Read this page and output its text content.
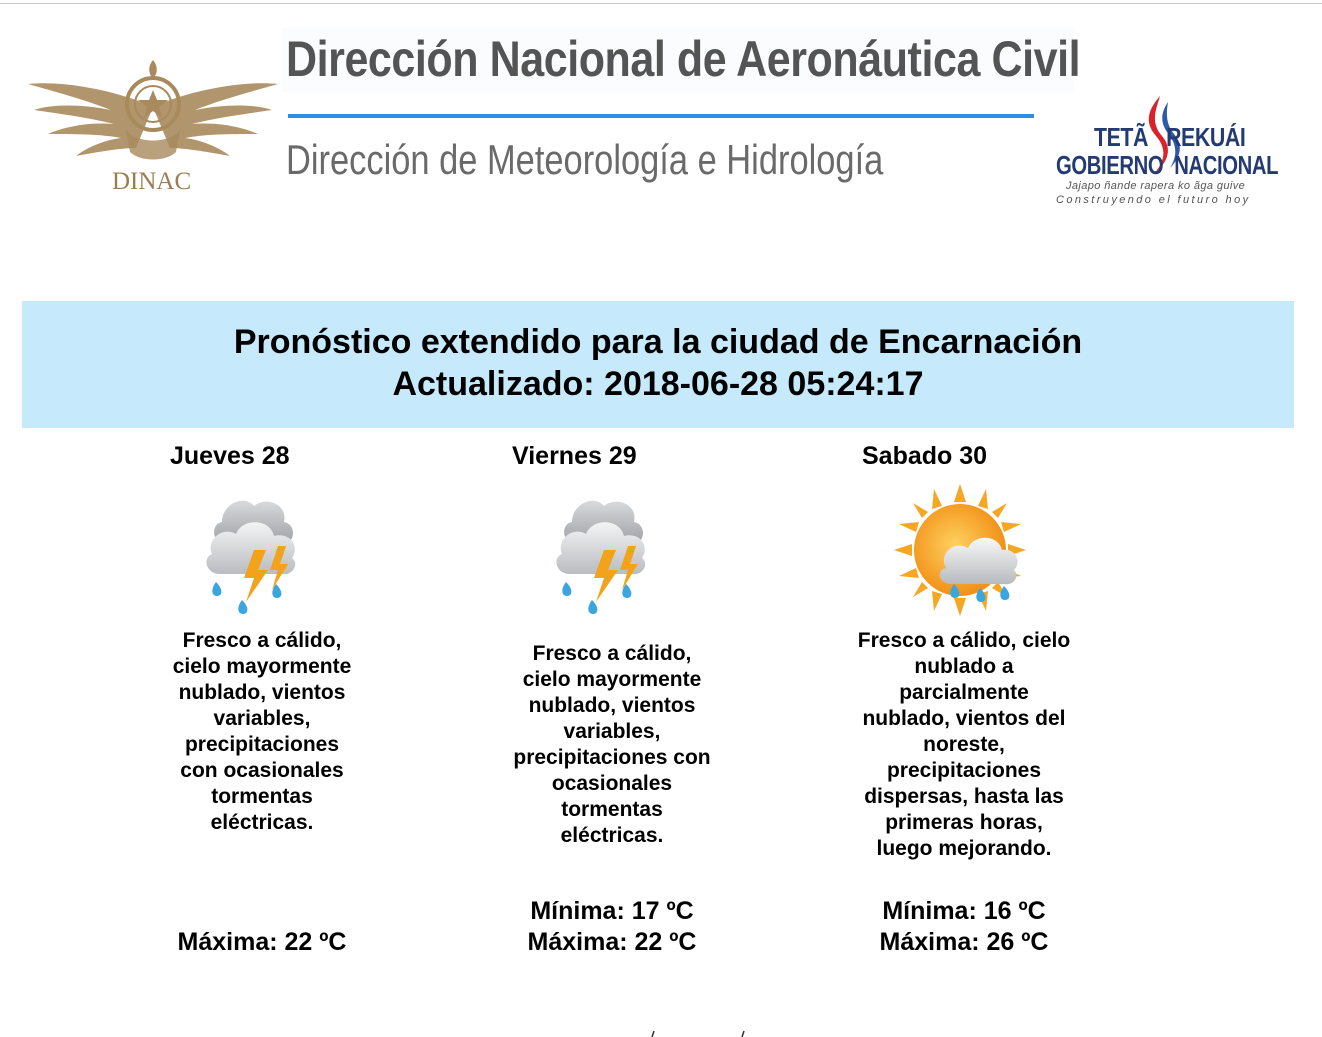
DINAC
Dirección Nacional de Aeronáutica Civil
Dirección de Meteorología e Hidrología	TETÃ REKUÁI
GOBIERNO NACIONAL
Jajapo ñande rapera ko ãga guive
Construyendo el futuro hoy
Pronóstico extendido para la ciudad de Encarnación
Actualizado: 2018-06-28 05:24:17
Jueves 28
Fresco a cálido, cielo mayormente nublado, vientos variables, precipitaciones con ocasionales tormentas eléctricas.
Máxima: 22 ºC
Viernes 29
Fresco a cálido, cielo mayormente nublado, vientos variables, precipitaciones con ocasionales tormentas eléctricas.
Mínima: 17 ºC
Máxima: 22 ºC
Sabado 30
Fresco a cálido, cielo nublado a parcialmente nublado, vientos del noreste, precipitaciones dispersas, hasta las primeras horas, luego mejorando.
Mínima: 16 ºC
Máxima: 26 ºC
